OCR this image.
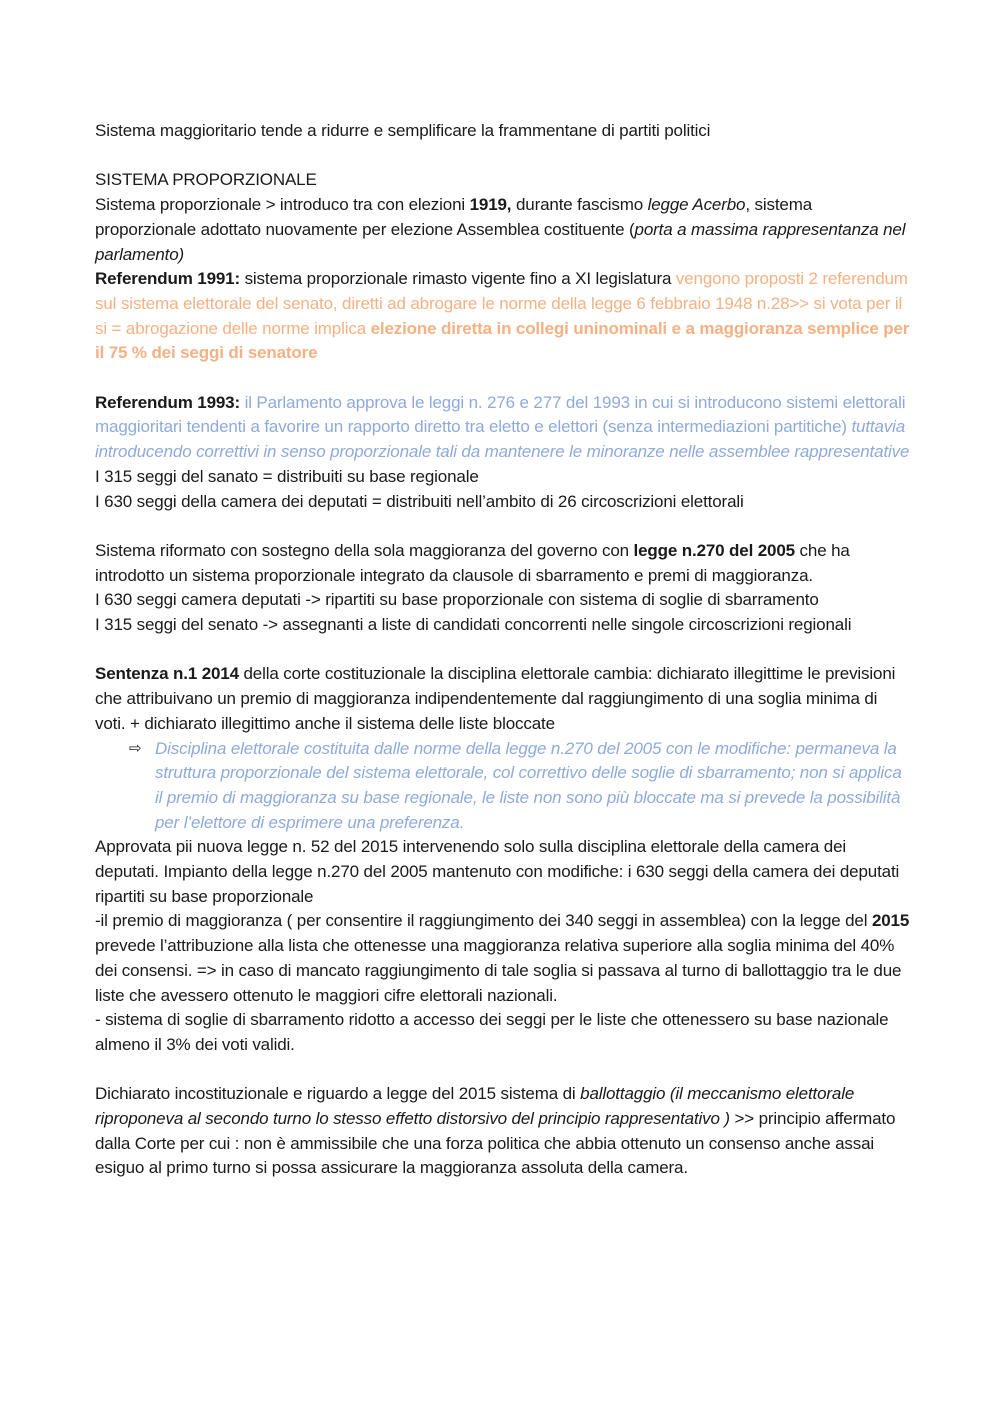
Sistema maggioritario tende a ridurre e semplificare la frammentane di partiti politici

SISTEMA PROPORZIONALE

Sistema proporzionale > introduco tra con elezioni 1919, durante fascismo legge Acerbo, sistema proporzionale adottato nuovamente per elezione Assemblea costituente (porta a massima rappresentanza nel parlamento)

Referendum 1991: sistema proporzionale rimasto vigente fino a XI legislatura vengono proposti 2 referendum sul sistema elettorale del senato, diretti ad abrogare le norme della legge 6 febbraio 1948 n.28>> si vota per il si = abrogazione delle norme implica elezione diretta in collegi uninominali e a maggioranza semplice per il 75 % dei seggi di senatore

Referendum 1993: il Parlamento approva le leggi n. 276 e 277 del 1993 in cui si introducono sistemi elettorali maggioritari tendenti a favorire un rapporto diretto tra eletto e elettori (senza intermediazioni partitiche) tuttavia introducendo correttivi in senso proporzionale tali da mantenere le minoranze nelle assemblee rappresentative

I 315 seggi del sanato = distribuiti su base regionale

I 630 seggi della camera dei deputati = distribuiti nell’ambito di 26 circoscrizioni elettorali

Sistema riformato con sostegno della sola maggioranza del governo con legge n.270 del 2005 che ha introdotto un sistema proporzionale integrato da clausole di sbarramento e premi di maggioranza.

I 630 seggi camera deputati -> ripartiti su base proporzionale con sistema di soglie di sbarramento

I 315 seggi del senato -> assegnanti a liste di candidati concorrenti nelle singole circoscrizioni regionali

Sentenza n.1 2014 della corte costituzionale la disciplina elettorale cambia: dichiarato illegittime le previsioni che attribuivano un premio di maggioranza indipendentemente dal raggiungimento di una soglia minima di voti. + dichiarato illegittimo anche il sistema delle liste bloccate

⇨ Disciplina elettorale costituita dalle norme della legge n.270 del 2005 con le modifiche: permaneva la struttura proporzionale del sistema elettorale, col correttivo delle soglie di sbarramento; non si applica il premio di maggioranza su base regionale, le liste non sono più bloccate ma si prevede la possibilità per l’elettore di esprimere una preferenza.

Approvata pii nuova legge n. 52 del 2015 intervenendo solo sulla disciplina elettorale della camera dei deputati. Impianto della legge n.270 del 2005 mantenuto con modifiche: i 630 seggi della camera dei deputati ripartiti su base proporzionale

-il premio di maggioranza ( per consentire il raggiungimento dei 340 seggi in assemblea) con la legge del 2015 prevede l’attribuzione alla lista che ottenesse una maggioranza relativa superiore alla soglia minima del 40% dei consensi. => in caso di mancato raggiungimento di tale soglia si passava al turno di ballottaggio tra le due liste che avessero ottenuto le maggiori cifre elettorali nazionali.

- sistema di soglie di sbarramento ridotto a accesso dei seggi per le liste che ottenessero su base nazionale almeno il 3% dei voti validi.

Dichiarato incostituzionale e riguardo a legge del 2015 sistema di ballottaggio (il meccanismo elettorale riproponeva al secondo turno lo stesso effetto distorsivo del principio rappresentativo ) >> principio affermato dalla Corte per cui : non è ammissibile che una forza politica che abbia ottenuto un consenso anche assai esiguo al primo turno si possa assicurare la maggioranza assoluta della camera.
